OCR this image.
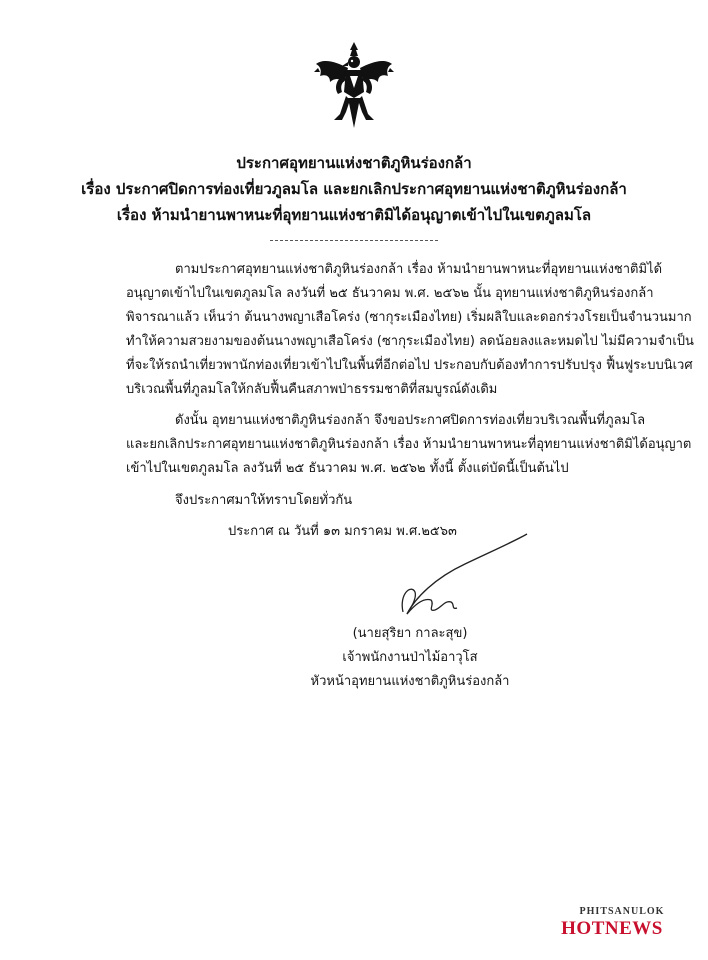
ประกาศอุทยานแห่งชาติภูหินร่องกล้า
เรื่อง ประกาศปิดการท่องเที่ยวภูลมโล และยกเลิกประกาศอุทยานแห่งชาติภูหินร่องกล้า
เรื่อง ห้ามนำยานพาหนะที่อุทยานแห่งชาติมิได้อนุญาตเข้าไปในเขตภูลมโล
ตามประกาศอุทยานแห่งชาติภูหินร่องกล้า เรื่อง ห้ามนำยานพาหนะที่อุทยานแห่งชาติมิได้
อนุญาตเข้าไปในเขตภูลมโล ลงวันที่ ๒๕ ธันวาคม พ.ศ. ๒๕๖๒ นั้น อุทยานแห่งชาติภูหินร่องกล้า
พิจารณาแล้ว เห็นว่า ต้นนางพญาเสือโคร่ง (ซากุระเมืองไทย) เริ่มผลิใบและดอกร่วงโรยเป็นจำนวนมาก
ทำให้ความสวยงามของต้นนางพญาเสือโคร่ง (ซากุระเมืองไทย) ลดน้อยลงและหมดไป ไม่มีความจำเป็น
ที่จะให้รถนำเที่ยวพานักท่องเที่ยวเข้าไปในพื้นที่อีกต่อไป ประกอบกับต้องทำการปรับปรุง ฟื้นฟูระบบนิเวศ
บริเวณพื้นที่ภูลมโลให้กลับฟื้นคืนสภาพป่าธรรมชาติที่สมบูรณ์ดังเดิม
ดังนั้น อุทยานแห่งชาติภูหินร่องกล้า จึงขอประกาศปิดการท่องเที่ยวบริเวณพื้นที่ภูลมโล
และยกเลิกประกาศอุทยานแห่งชาติภูหินร่องกล้า เรื่อง ห้ามนำยานพาหนะที่อุทยานแห่งชาติมิได้อนุญาต
เข้าไปในเขตภูลมโล ลงวันที่ ๒๕ ธันวาคม พ.ศ. ๒๕๖๒ ทั้งนี้ ตั้งแต่บัดนี้เป็นต้นไป
จึงประกาศมาให้ทราบโดยทั่วกัน
ประกาศ ณ วันที่ ๑๓ มกราคม พ.ศ.๒๕๖๓
(นายสุริยา กาละสุข)
เจ้าพนักงานป่าไม้อาวุโส
หัวหน้าอุทยานแห่งชาติภูหินร่องกล้า
PHITSANULOK
HOTNEWS
